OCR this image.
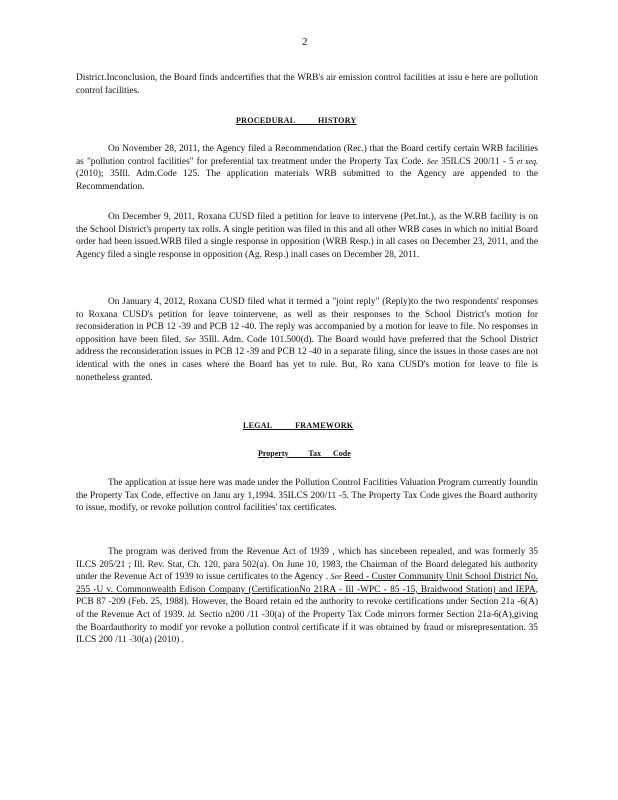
2
District.Inconclusion, the Board finds andcertifies that the WRB's air emission control facilities at issu e here are pollution control facilities.
PROCEDURAL          HISTORY
On November 28, 2011, the Agency filed a Recommendation (Rec.) that the Board certify certain WRB facilities as "pollution control facilities" for preferential tax treatment under the Property Tax Code. See 35ILCS 200/11 - 5 et seq. (2010); 35Ill. Adm.Code 125. The application materials WRB submitted to the Agency are appended to the Recommendation.
On December 9, 2011, Roxana CUSD filed a petition for leave to intervene (Pet.Int.), as the W.RB facility is on the School District's property tax rolls. A single petition was filed in this and all other WRB cases in which no initial Board order had been issued.WRB filed a single response in opposition (WRB Resp.) in all cases on December 23, 2011, and the Agency filed a single response in opposition (Ag. Resp.) inall cases on December 28, 2011.
On January 4, 2012, Roxana CUSD filed what it termed a "joint reply" (Reply)to the two respondents' responses to Roxana CUSD's petition for leave tointervene, as well as their responses to the School District's motion for reconsideration in PCB 12 -39 and PCB 12 -40. The reply was accompanied by a motion for leave to file. No responses in opposition have been filed. See 35Ill. Adm. Code 101.500(d). The Board would have preferred that the School District address the reconsideration issues in PCB 12 -39 and PCB 12 -40 in a separate filing, since the issues in those cases are not identical with the ones in cases where the Board has yet to rule. But, Ro xana CUSD's motion for leave to file is nonetheless granted.
LEGAL          FRAMEWORK
Property          Tax      Code
The application at issue here was made under the Pollution Control Facilities Valuation Program currently foundin the Property Tax Code, effective on Janu ary 1,1994. 35ILCS 200/11 -5. The Property Tax Code gives the Board authority to issue, modify, or revoke pollution control facilities' tax certificates.
The program was derived from the Revenue Act of 1939 , which has sincebeen repealed, and was formerly 35 ILCS 205/21 ; Ill. Rev. Stat, Ch. 120, para 502(a). On June 10, 1983, the Chairman of the Board delegated his authority under the Revenue Act of 1939 to issue certificates to the Agency . See Reed - Custer Community Unit School District No. 255 -U v. Commonwealth Edison Company (CertificationNo 21RA - Ill -WPC - 85 -15, Braidwood Station) and IEPA, PCB 87 -209 (Feb. 25, 1988). However, the Board retain ed the authority to revoke certifications under Section 21a -6(A) of the Revenue Act of 1939. Id. Sectio n200 /11 -30(a) of the Property Tax Code mirrors former Section 21a-6(A),giving the Boardauthority to modif yor revoke a pollution control certificate if it was obtained by fraud or misrepresentation. 35 ILCS 200 /11 -30(a) (2010) .
